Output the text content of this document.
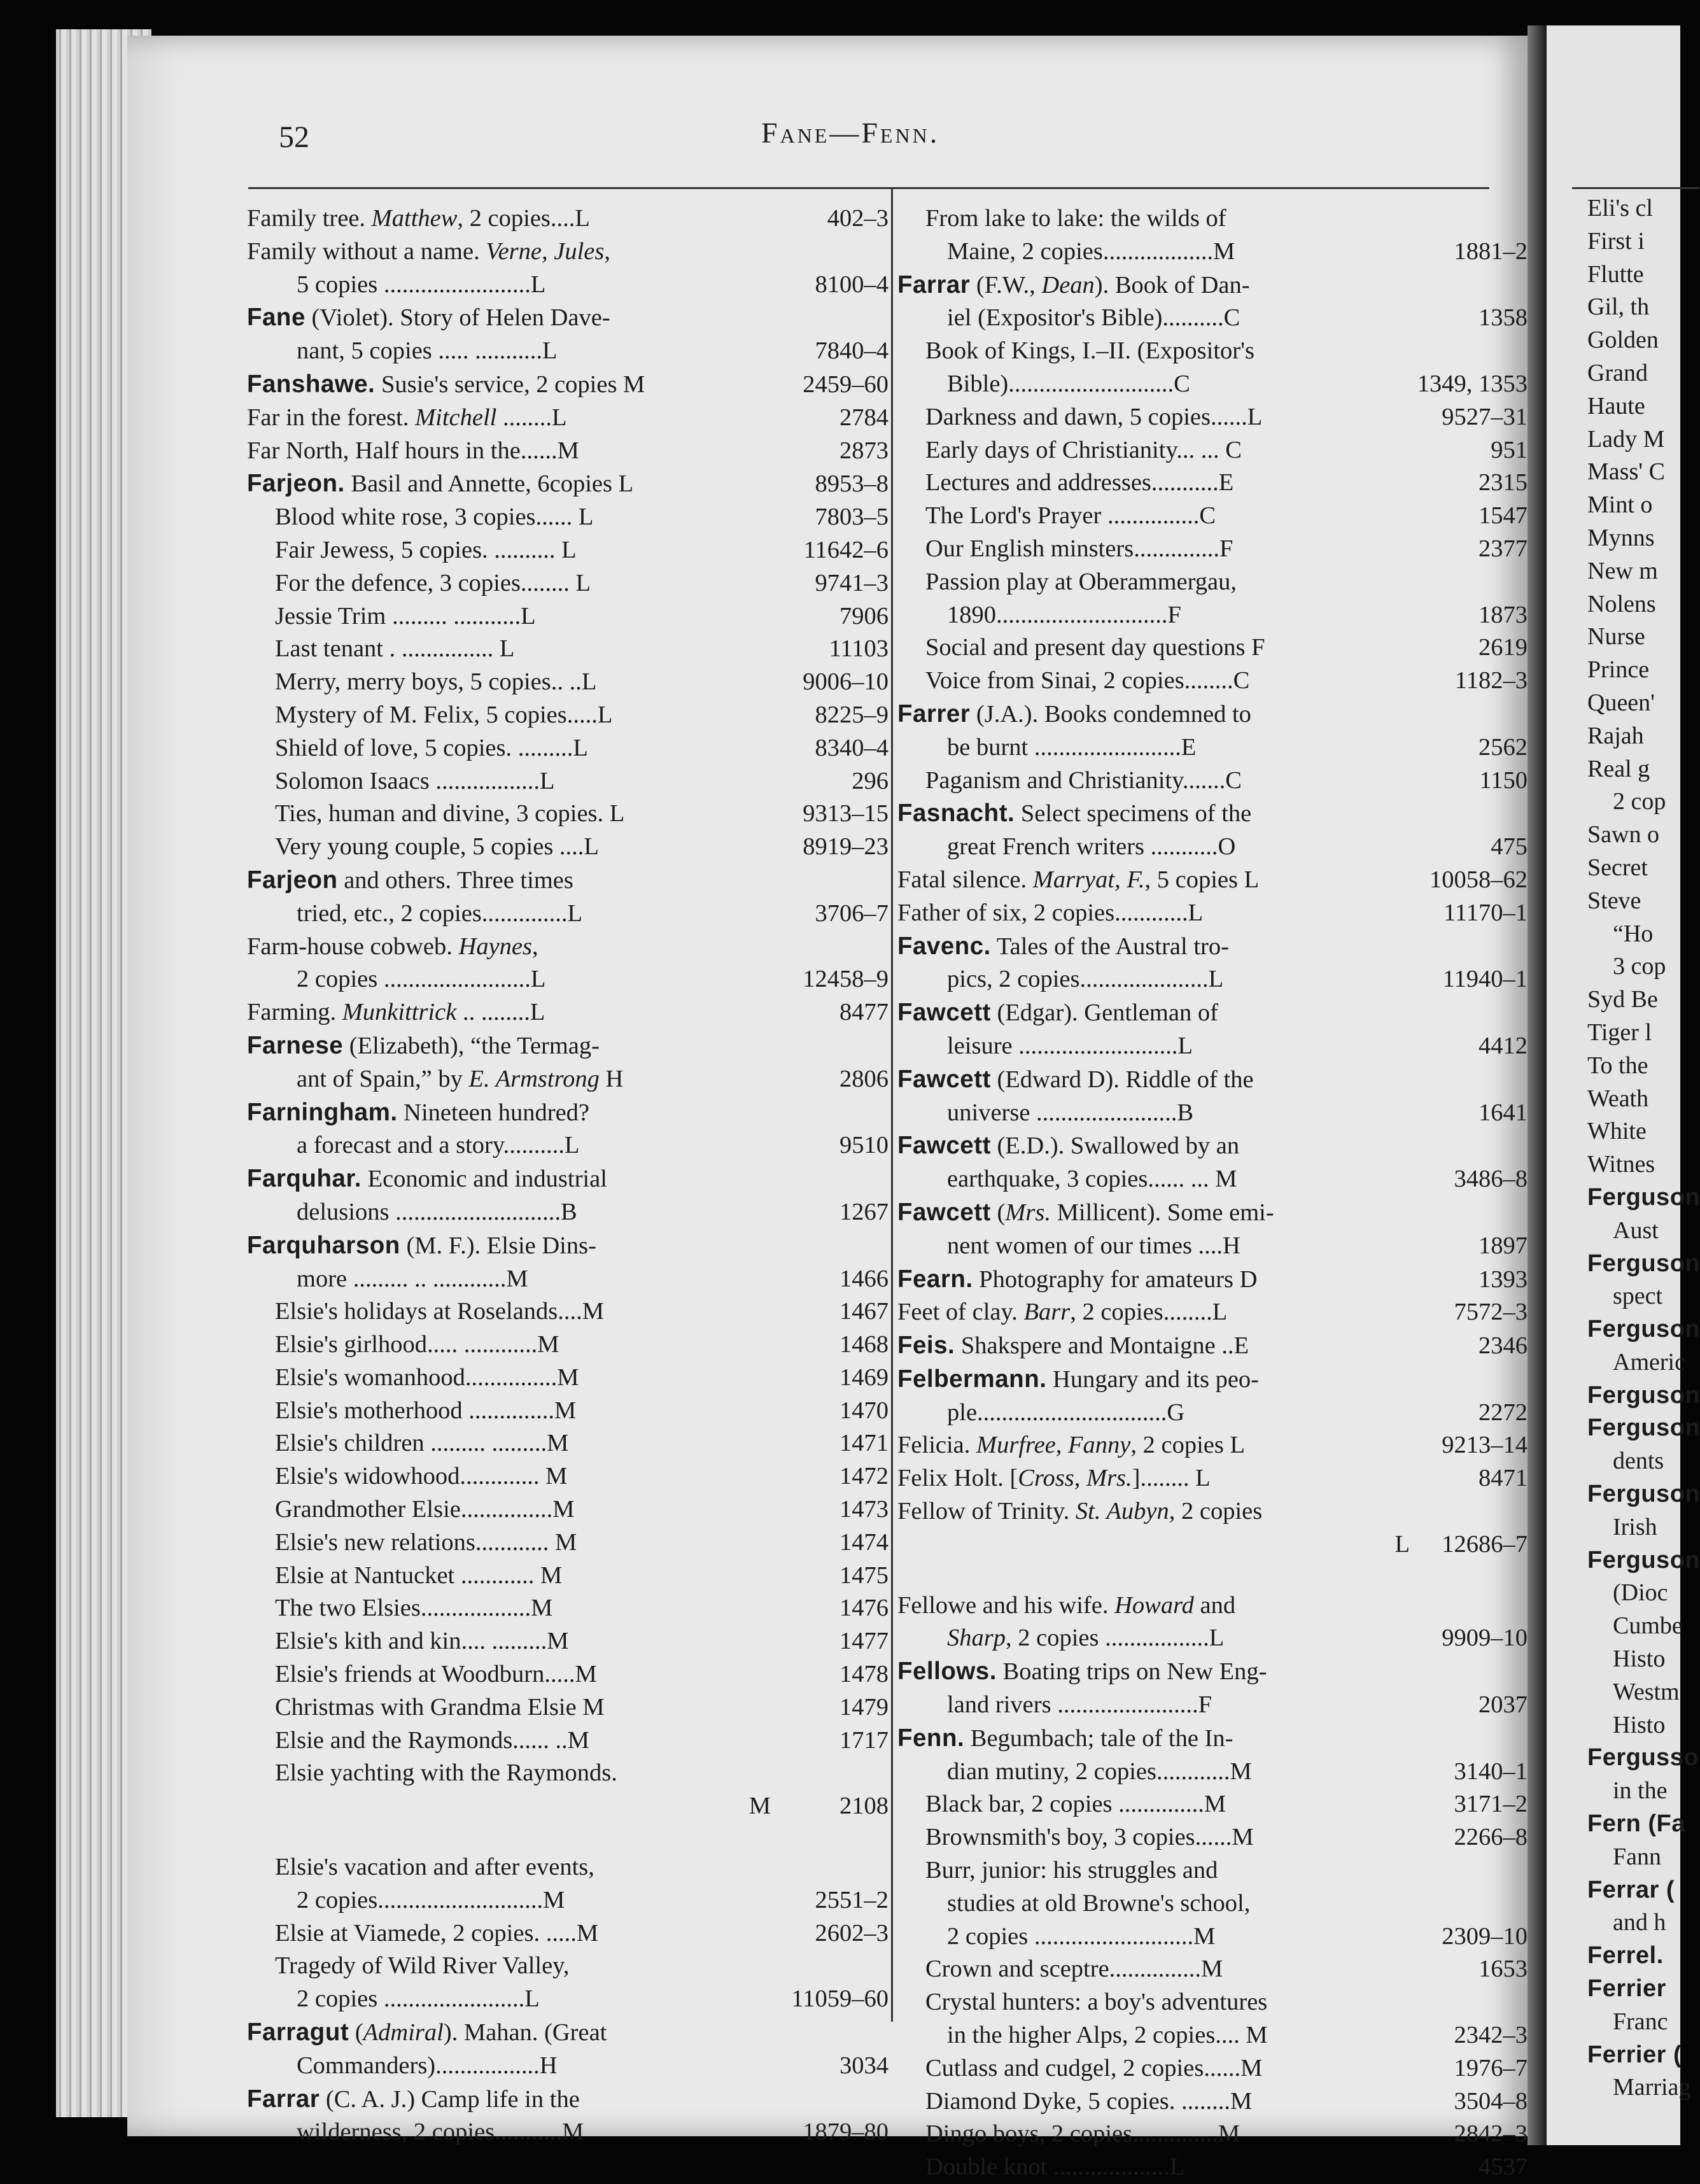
Eli's cl
First i
Flutte
Gil, th
Golden
Grand
Haute
Lady M
Mass' C
Mint o
Mynns
New m
Nolens
Nurse
Prince
Queen'
Rajah
Real g
2 cop
Sawn o
Secret
Steve
“Ho
3 cop
Syd Be
Tiger l
To the
Weath
White
Witnes
Ferguson
Aust
Ferguson
spect
Ferguson
Americ
Ferguson
Ferguson
dents
Ferguson
Irish
Ferguson
(Dioc
Cumbe
Histo
Westm
Histo
Fergusso
in the
Fern (Fa
Fann
Ferrar (
and h
Ferrel.
Ferrier
Franc
Ferrier (
Marriag
52	Fane—Fenn.
Family tree. Matthew, 2 copies....L	402–3
Family without a name. Verne, Jules,
5 copies ........................L	8100–4
Fane (Violet). Story of Helen Dave-
nant, 5 copies ..... ...........L	7840–4
Fanshawe. Susie's service, 2 copies M	2459–60
Far in the forest. Mitchell ........L	2784
Far North, Half hours in the......M	2873
Farjeon. Basil and Annette, 6copies L	8953–8
Blood white rose, 3 copies...... L	7803–5
Fair Jewess, 5 copies. .......... L	11642–6
For the defence, 3 copies........ L	9741–3
Jessie Trim ......... ...........L	7906
Last tenant . ............... L	11103
Merry, merry boys, 5 copies.. ..L	9006–10
Mystery of M. Felix, 5 copies.....L	8225–9
Shield of love, 5 copies. .........L	8340–4
Solomon Isaacs .................L	296
Ties, human and divine, 3 copies. L	9313–15
Very young couple, 5 copies ....L	8919–23
Farjeon and others. Three times
tried, etc., 2 copies..............L	3706–7
Farm-house cobweb. Haynes,
2 copies ........................L	12458–9
Farming. Munkittrick .. ........L	8477
Farnese (Elizabeth), “the Termag-
ant of Spain,” by E. Armstrong H	2806
Farningham. Nineteen hundred?
a forecast and a story..........L	9510
Farquhar. Economic and industrial
delusions ...........................B	1267
Farquharson (M. F.). Elsie Dins-
more ......... .. ............M	1466
Elsie's holidays at Roselands....M	1467
Elsie's girlhood..... ............M	1468
Elsie's womanhood...............M	1469
Elsie's motherhood ..............M	1470
Elsie's children ......... .........M	1471
Elsie's widowhood............. M	1472
Grandmother Elsie...............M	1473
Elsie's new relations............ M	1474
Elsie at Nantucket ............ M	1475
The two Elsies..................M	1476
Elsie's kith and kin.... .........M	1477
Elsie's friends at Woodburn.....M	1478
Christmas with Grandma Elsie M	1479
Elsie and the Raymonds...... ..M	1717
Elsie yachting with the Raymonds.
M	2108
Elsie's vacation and after events,
2 copies...........................M	2551–2
Elsie at Viamede, 2 copies. .....M	2602–3
Tragedy of Wild River Valley,
2 copies .......................L	11059–60
Farragut (Admiral). Mahan. (Great
Commanders).................H	3034
Farrar (C. A. J.) Camp life in the
wilderness, 2 copies...........M	1879–80
From lake to lake: the wilds of
Maine, 2 copies..................M	1881–2
Farrar (F.W., Dean). Book of Dan-
iel (Expositor's Bible)..........C	1358
Book of Kings, I.–II. (Expositor's
Bible)...........................C	1349, 1353
Darkness and dawn, 5 copies......L	9527–31
Early days of Christianity... ... C	951
Lectures and addresses...........E	2315
The Lord's Prayer ...............C	1547
Our English minsters..............F	2377
Passion play at Oberammergau,
1890............................F	1873
Social and present day questions F	2619
Voice from Sinai, 2 copies........C	1182–3
Farrer (J.A.). Books condemned to
be burnt ........................E	2562
Paganism and Christianity.......C	1150
Fasnacht. Select specimens of the
great French writers ...........O	475
Fatal silence. Marryat, F., 5 copies L	10058–62
Father of six, 2 copies............L	11170–1
Favenc. Tales of the Austral tro-
pics, 2 copies.....................L	11940–1
Fawcett (Edgar). Gentleman of
leisure ..........................L	4412
Fawcett (Edward D). Riddle of the
universe .......................B	1641
Fawcett (E.D.). Swallowed by an
earthquake, 3 copies...... ... M	3486–8
Fawcett (Mrs. Millicent). Some emi-
nent women of our times ....H	1897
Fearn. Photography for amateurs D	1393
Feet of clay. Barr, 2 copies........L	7572–3
Feis. Shakspere and Montaigne ..E	2346
Felbermann. Hungary and its peo-
ple...............................G	2272
Felicia. Murfree, Fanny, 2 copies L	9213–14
Felix Holt. [Cross, Mrs.]........ L	8471
Fellow of Trinity. St. Aubyn, 2 copies
L	12686–7
Fellowe and his wife. Howard and
Sharp, 2 copies .................L	9909–10
Fellows. Boating trips on New Eng-
land rivers .......................F	2037
Fenn. Begumbach; tale of the In-
dian mutiny, 2 copies............M	3140–1
Black bar, 2 copies ..............M	3171–2
Brownsmith's boy, 3 copies......M	2266–8
Burr, junior: his struggles and
studies at old Browne's school,
2 copies ..........................M	2309–10
Crown and sceptre...............M	1653
Crystal hunters: a boy's adventures
in the higher Alps, 2 copies.... M	2342–3
Cutlass and cudgel, 2 copies......M	1976–7
Diamond Dyke, 5 copies. ........M	3504–8
Dingo boys, 2 copies..............M	2842–3
Double knot ...................L	4537
